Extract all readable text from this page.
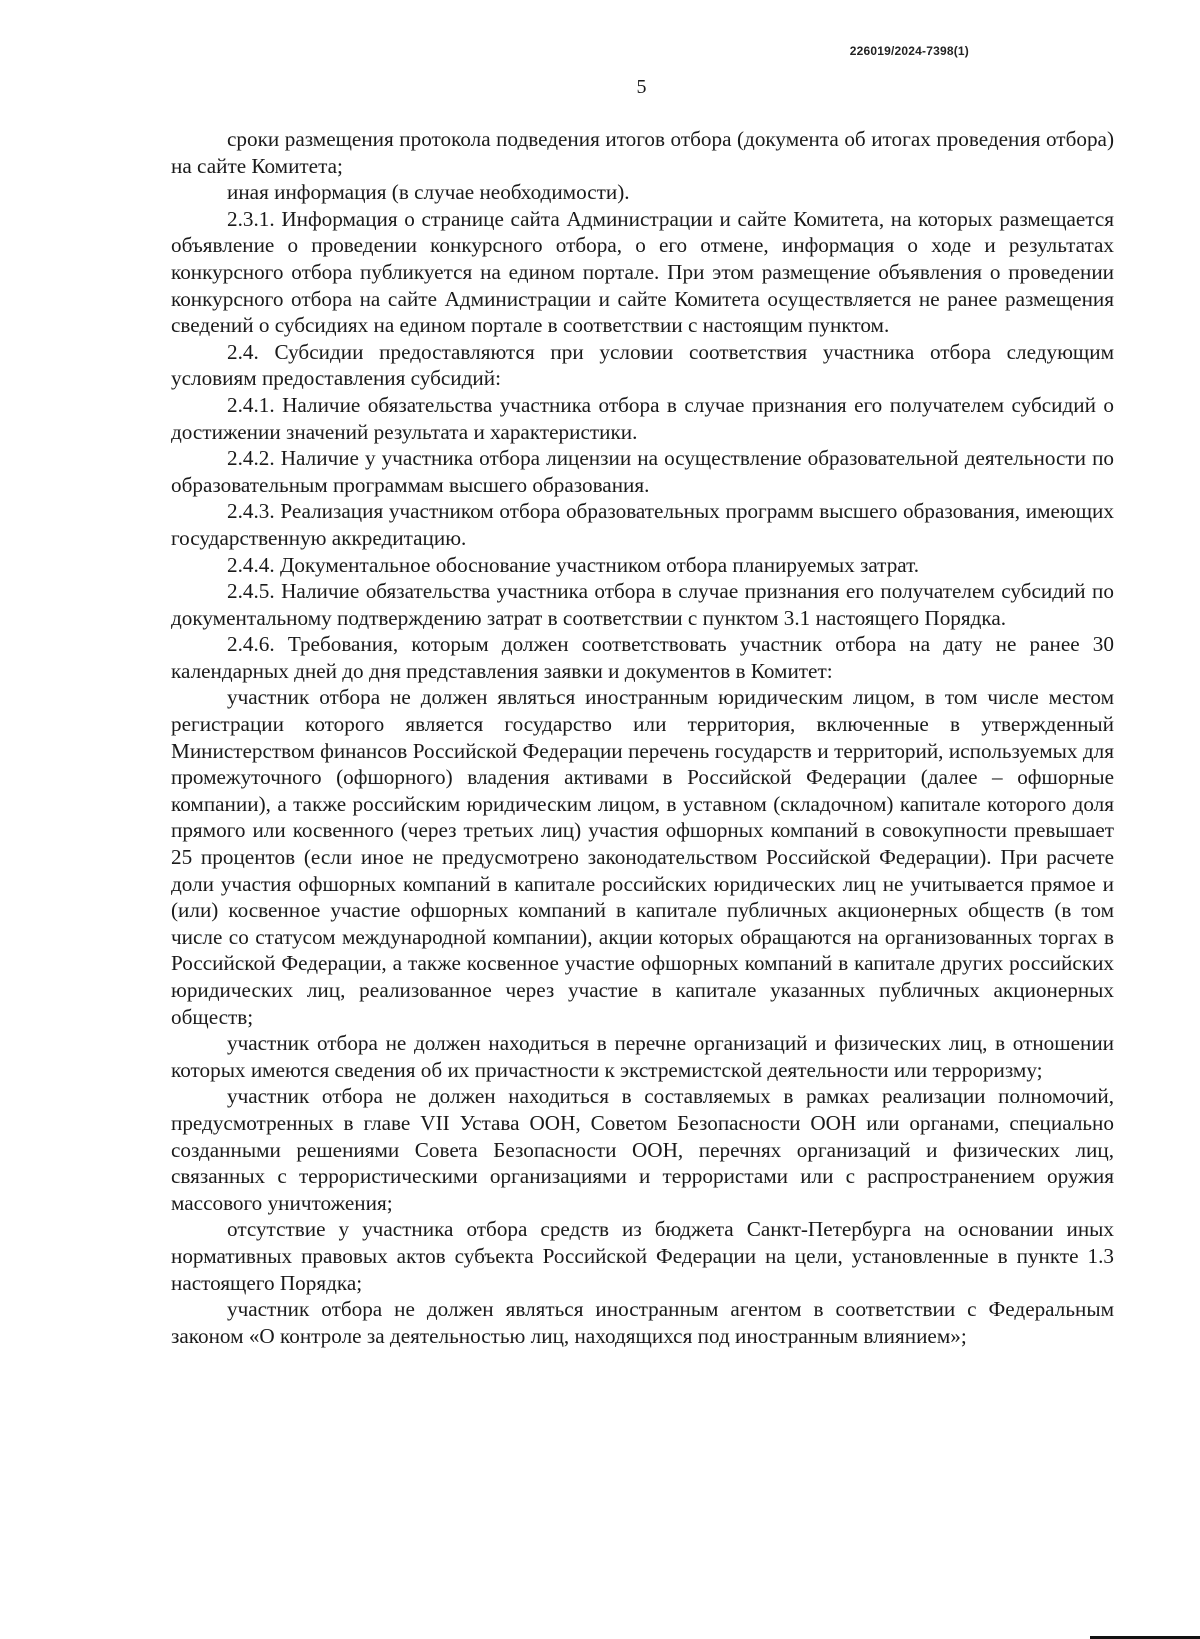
226019/2024-7398(1)
5

сроки размещения протокола подведения итогов отбора (документа об итогах проведения отбора) на сайте Комитета;

иная информация (в случае необходимости).

2.3.1. Информация о странице сайта Администрации и сайте Комитета, на которых размещается объявление о проведении конкурсного отбора, о его отмене, информация о ходе и результатах конкурсного отбора публикуется на едином портале. При этом размещение объявления о проведении конкурсного отбора на сайте Администрации и сайте Комитета осуществляется не ранее размещения сведений о субсидиях на едином портале в соответствии с настоящим пунктом.

2.4. Субсидии предоставляются при условии соответствия участника отбора следующим условиям предоставления субсидий:

2.4.1. Наличие обязательства участника отбора в случае признания его получателем субсидий о достижении значений результата и характеристики.

2.4.2. Наличие у участника отбора лицензии на осуществление образовательной деятельности по образовательным программам высшего образования.

2.4.3. Реализация участником отбора образовательных программ высшего образования, имеющих государственную аккредитацию.

2.4.4. Документальное обоснование участником отбора планируемых затрат.

2.4.5. Наличие обязательства участника отбора в случае признания его получателем субсидий по документальному подтверждению затрат в соответствии с пунктом 3.1 настоящего Порядка.

2.4.6. Требования, которым должен соответствовать участник отбора на дату не ранее 30 календарных дней до дня представления заявки и документов в Комитет:

участник отбора не должен являться иностранным юридическим лицом, в том числе местом регистрации которого является государство или территория, включенные в утвержденный Министерством финансов Российской Федерации перечень государств и территорий, используемых для промежуточного (офшорного) владения активами в Российской Федерации (далее – офшорные компании), а также российским юридическим лицом, в уставном (складочном) капитале которого доля прямого или косвенного (через третьих лиц) участия офшорных компаний в совокупности превышает 25 процентов (если иное не предусмотрено законодательством Российской Федерации). При расчете доли участия офшорных компаний в капитале российских юридических лиц не учитывается прямое и (или) косвенное участие офшорных компаний в капитале публичных акционерных обществ (в том числе со статусом международной компании), акции которых обращаются на организованных торгах в Российской Федерации, а также косвенное участие офшорных компаний в капитале других российских юридических лиц, реализованное через участие в капитале указанных публичных акционерных обществ;

участник отбора не должен находиться в перечне организаций и физических лиц, в отношении которых имеются сведения об их причастности к экстремистской деятельности или терроризму;

участник отбора не должен находиться в составляемых в рамках реализации полномочий, предусмотренных в главе VII Устава ООН, Советом Безопасности ООН или органами, специально созданными решениями Совета Безопасности ООН, перечнях организаций и физических лиц, связанных с террористическими организациями и террористами или с распространением оружия массового уничтожения;

отсутствие у участника отбора средств из бюджета Санкт-Петербурга на основании иных нормативных правовых актов субъекта Российской Федерации на цели, установленные в пункте 1.3 настоящего Порядка;

участник отбора не должен являться иностранным агентом в соответствии с Федеральным законом «О контроле за деятельностью лиц, находящихся под иностранным влиянием»;
